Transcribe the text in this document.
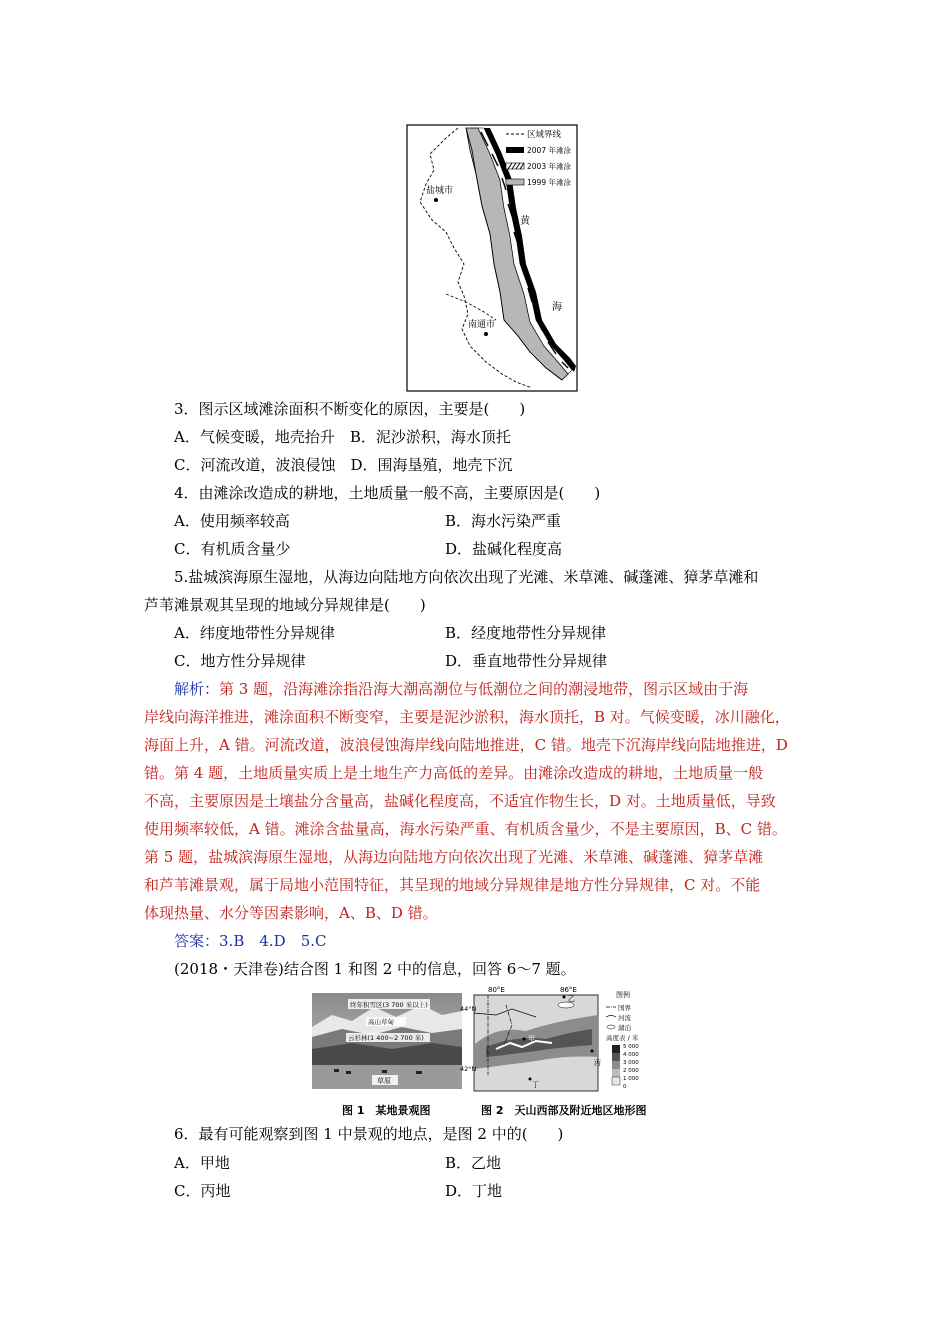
盐城市
南通市
黄
海
区域界线
2007 年滩涂
2003 年滩涂
1999 年滩涂
3．图示区域滩涂面积不断变化的原因，主要是(　　)
A．气候变暖，地壳抬升　B．泥沙淤积，海水顶托
C．河流改道，波浪侵蚀　D．围海垦殖，地壳下沉
4．由滩涂改造成的耕地，土地质量一般不高，主要原因是(　　)
A．使用频率较高	B．海水污染严重
C．有机质含量少	D．盐碱化程度高
5.盐城滨海原生湿地，从海边向陆地方向依次出现了光滩、米草滩、碱蓬滩、獐茅草滩和
芦苇滩景观其呈现的地域分异规律是(　　)
A．纬度地带性分异规律	B．经度地带性分异规律
C．地方性分异规律	D．垂直地带性分异规律
解析：第 3 题，沿海滩涂指沿海大潮高潮位与低潮位之间的潮浸地带，图示区域由于海
岸线向海洋推进，滩涂面积不断变窄，主要是泥沙淤积，海水顶托，B 对。气候变暖，冰川融化，
海面上升，A 错。河流改道，波浪侵蚀海岸线向陆地推进，C 错。地壳下沉海岸线向陆地推进，D
错。第 4 题，土地质量实质上是土地生产力高低的差异。由滩涂改造成的耕地，土地质量一般
不高，主要原因是土壤盐分含量高，盐碱化程度高，不适宜作物生长，D 对。土地质量低，导致
使用频率较低，A 错。滩涂含盐量高，海水污染严重、有机质含量少，不是主要原因，B、C 错。
第 5 题，盐城滨海原生湿地，从海边向陆地方向依次出现了光滩、米草滩、碱蓬滩、獐茅草滩
和芦苇滩景观，属于局地小范围特征，其呈现的地域分异规律是地方性分异规律，C 对。不能
体现热量、水分等因素影响，A、B、D 错。
答案：3.B　4.D　5.C
(2018・天津卷)结合图 1 和图 2 中的信息，回答 6～7 题。
终年积雪区(3 700 米以上)
高山草甸
云杉林(1 400~2 700 米)
草原
图 1　某地景观图
80°E	86°E
44°N
42°N
甲
乙
丙
丁
图例
国界
河流
湖泊
高度表 / 米
5 000
4 000
3 000
2 000
1 000
0
图 2　天山西部及附近地区地形图
6．最有可能观察到图 1 中景观的地点，是图 2 中的(　　)
A．甲地	B．乙地
C．丙地	D．丁地
